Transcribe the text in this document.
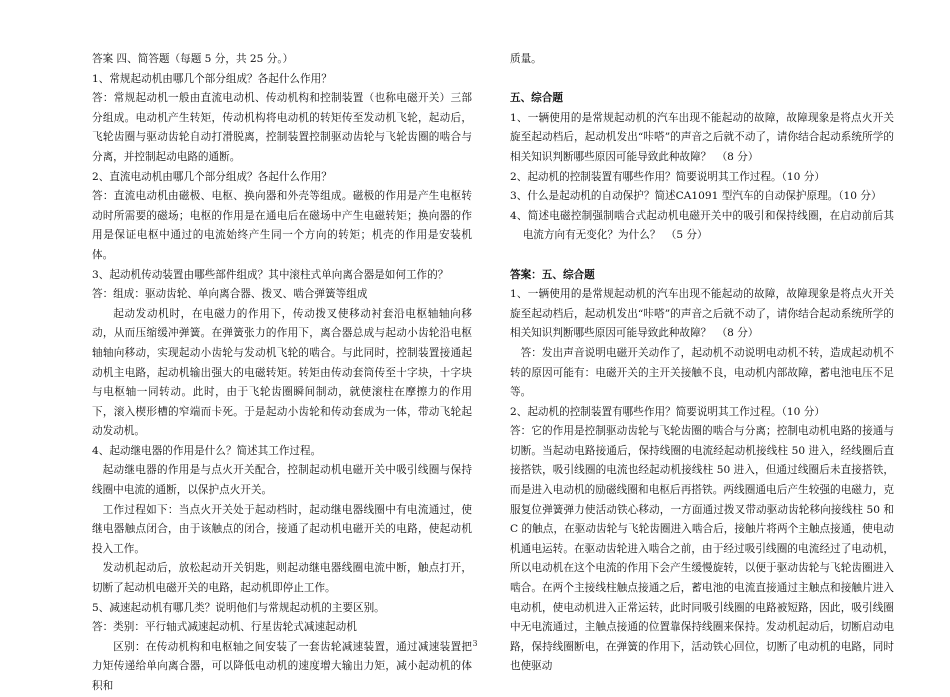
答案 四、简答题（每题 5 分，共 25 分。）

1、常规起动机由哪几个部分组成？各起什么作用？

答：常规起动机一般由直流电动机、传动机构和控制装置（也称电磁开关）三部分组成。电动机产生转矩，传动机构将电动机的转矩传至发动机飞轮，起动后，飞轮齿圈与驱动齿轮自动打滑脱离，控制装置控制驱动齿轮与飞轮齿圈的啮合与分离，并控制起动电路的通断。

2、直流电动机由哪几个部分组成？各起什么作用？

答：直流电动机由磁极、电枢、换向器和外壳等组成。磁极的作用是产生电枢转动时所需要的磁场；电枢的作用是在通电后在磁场中产生电磁转矩；换向器的作用是保证电枢中通过的电流始终产生同一个方向的转矩；机壳的作用是安装机体。

3、起动机传动装置由哪些部件组成？其中滚柱式单向离合器是如何工作的？

答：组成：驱动齿轮、单向离合器、拨叉、啮合弹簧等组成

起动发动机时，在电磁力的作用下，传动拨叉使移动衬套沿电枢轴轴向移动，从而压缩缓冲弹簧。在弹簧张力的作用下，离合器总成与起动小齿轮沿电枢轴轴向移动，实现起动小齿轮与发动机飞轮的啮合。与此同时，控制装置接通起动机主电路，起动机输出强大的电磁转矩。转矩由传动套筒传至十字块，十字块与电枢轴一同转动。此时，由于飞轮齿圈瞬间制动，就使滚柱在摩擦力的作用下，滚入楔形槽的窄端而卡死。于是起动小齿轮和传动套成为一体，带动飞轮起动发动机。

4、起动继电器的作用是什么？简述其工作过程。

起动继电器的作用是与点火开关配合，控制起动机电磁开关中吸引线圈与保持线圈中电流的通断，以保护点火开关。

工作过程如下：当点火开关处于起动档时，起动继电器线圈中有电流通过，使继电器触点闭合，由于该触点的闭合，接通了起动机电磁开关的电路，使起动机投入工作。

发动机起动后，放松起动开关钥匙，则起动继电器线圈电流中断，触点打开，切断了起动机电磁开关的电路，起动机即停止工作。

5、减速起动机有哪几类？说明他们与常规起动机的主要区别。

答：类别：平行轴式减速起动机、行星齿轮式减速起动机

区别：在传动机构和电枢轴之间安装了一套齿轮减速装置，通过减速装置把力矩传递给单向离合器，可以降低电动机的速度增大输出力矩，减小起动机的体积和

质量。

五、综合题

1、一辆使用的是常规起动机的汽车出现不能起动的故障，故障现象是将点火开关旋至起动档后，起动机发出“咔嗒”的声音之后就不动了，请你结合起动系统所学的相关知识判断哪些原因可能导致此种故障？　（8 分）

2、起动机的控制装置有哪些作用？简要说明其工作过程。（10 分）

3、什么是起动机的自动保护？简述CA1091 型汽车的自动保护原理。（10 分）

4、简述电磁控制强制啮合式起动机电磁开关中的吸引和保持线圈，在启动前后其电流方向有无变化？为什么？　（5 分）

答案：五、综合题

1、一辆使用的是常规起动机的汽车出现不能起动的故障，故障现象是将点火开关旋至起动档后，起动机发出“咔嗒”的声音之后就不动了，请你结合起动系统所学的相关知识判断哪些原因可能导致此种故障？　（8 分）

答：发出声音说明电磁开关动作了，起动机不动说明电动机不转，造成起动机不转的原因可能有：电磁开关的主开关接触不良，电动机内部故障，蓄电池电压不足等。

2、起动机的控制装置有哪些作用？简要说明其工作过程。（10 分）

答：它的作用是控制驱动齿轮与飞轮齿圈的啮合与分离；控制电动机电路的接通与切断。当起动电路接通后，保持线圈的电流经起动机接线柱 50 进入，经线圈后直接搭铁，吸引线圈的电流也经起动机接线柱 50 进入，但通过线圈后未直接搭铁，而是进入电动机的励磁线圈和电枢后再搭铁。两线圈通电后产生较强的电磁力，克服复位弹簧弹力使活动铁心移动，一方面通过拨叉带动驱动齿轮移向接线柱 50 和 C 的触点，在驱动齿轮与飞轮齿圈进入啮合后，接触片将两个主触点接通，使电动机通电运转。在驱动齿轮进入啮合之前，由于经过吸引线圈的电流经过了电动机，所以电动机在这个电流的作用下会产生缓慢旋转，以便于驱动齿轮与飞轮齿圈进入啮合。在两个主接线柱触点接通之后，蓄电池的电流直接通过主触点和接触片进入电动机，使电动机进入正常运转，此时同吸引线圈的电路被短路，因此，吸引线圈中无电流通过，主触点接通的位置靠保持线圈来保持。发动机起动后，切断启动电路，保持线圈断电，在弹簧的作用下，活动铁心回位，切断了电动机的电路，同时也使驱动

3
